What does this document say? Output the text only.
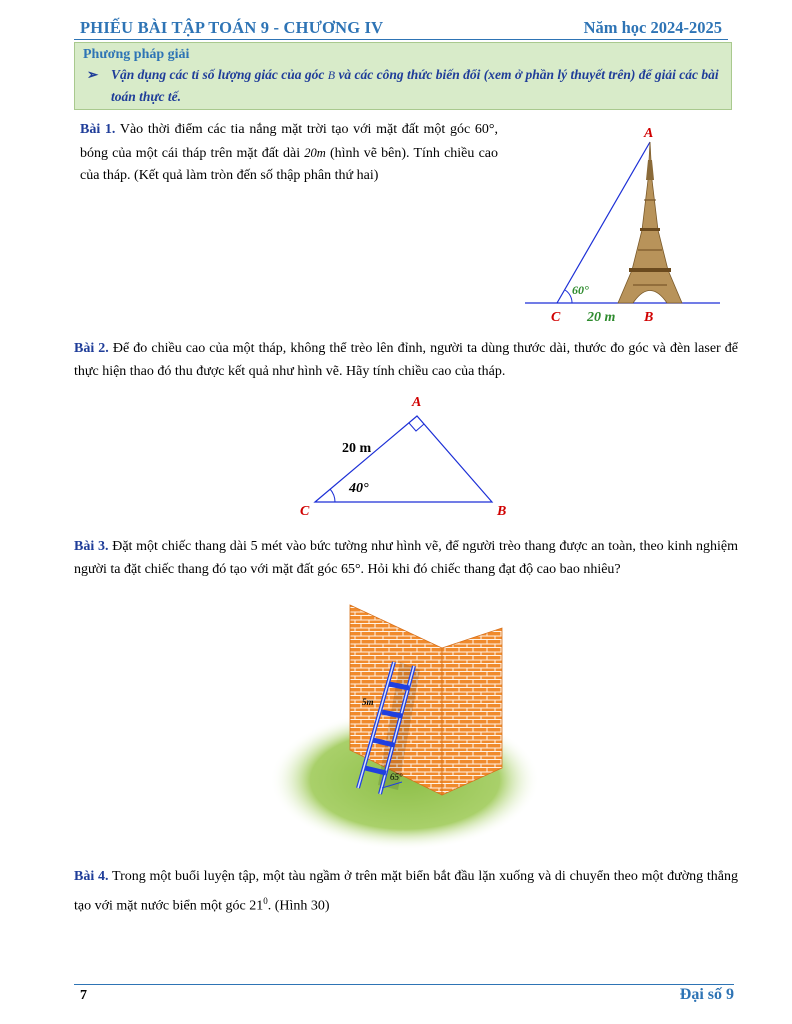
PHIẾU BÀI TẬP TOÁN 9 - CHƯƠNG IV	Năm học 2024-2025
Phương pháp giải
➢ Vận dụng các tỉ số lượng giác của góc B và các công thức biến đổi (xem ở phần lý thuyết trên) để giải các bài toán thực tế.
Bài 1. Vào thời điểm các tia nắng mặt trời tạo với mặt đất một góc 60°, bóng của một cái tháp trên mặt đất dài 20m (hình vẽ bên). Tính chiều cao của tháp. (Kết quả làm tròn đến số thập phân thứ hai)
60°
A
C	B
20 m
Bài 2. Để đo chiều cao của một tháp, không thể trèo lên đỉnh, người ta dùng thước dài, thước đo góc và đèn laser để thực hiện thao đó thu được kết quả như hình vẽ. Hãy tính chiều cao của tháp.
40°
20 m
A
C	B
Bài 3. Đặt một chiếc thang dài 5 mét vào bức tường như hình vẽ, để người trèo thang được an toàn, theo kinh nghiệm người ta đặt chiếc thang đó tạo với mặt đất góc 65°. Hỏi khi đó chiếc thang đạt độ cao bao nhiêu?
5m
65°
Bài 4. Trong một buổi luyện tập, một tàu ngầm ở trên mặt biển bắt đầu lặn xuống và di chuyển theo một đường thẳng tạo với mặt nước biển một góc $21^0$. (Hình 30)
7	Đại số 9
